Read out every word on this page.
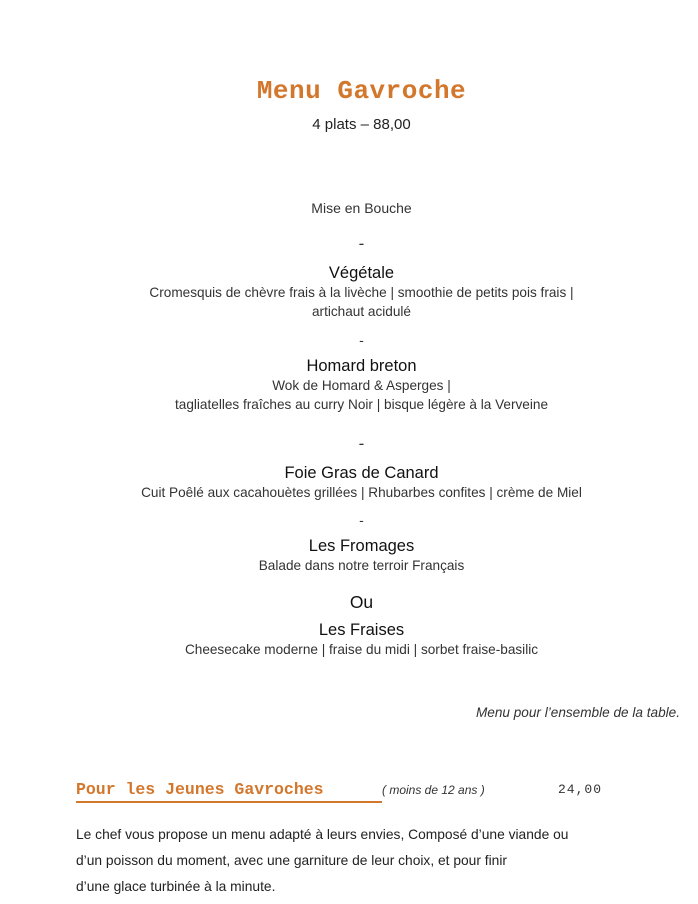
Menu Gavroche
4 plats – 88,00
Mise en Bouche
-
Végétale
Cromesquis de chèvre frais à la livèche | smoothie de petits pois frais |
artichaut acidulé
-
Homard breton
Wok de Homard & Asperges |
tagliatelles fraîches au curry Noir | bisque légère à la Verveine
-
Foie Gras de Canard
Cuit Poêlé aux cacahouètes grillées | Rhubarbes confites | crème de Miel
-
Les Fromages
Balade dans notre terroir Français
Ou
Les Fraises
Cheesecake moderne | fraise du midi | sorbet fraise-basilic
Menu pour l’ensemble de la table.
Pour les Jeunes Gavroches	( moins de 12 ans )	24,00
Le chef vous propose un menu adapté à leurs envies, Composé d’une viande ou
d’un poisson du moment, avec une garniture de leur choix, et pour finir
d’une glace turbinée à la minute.
